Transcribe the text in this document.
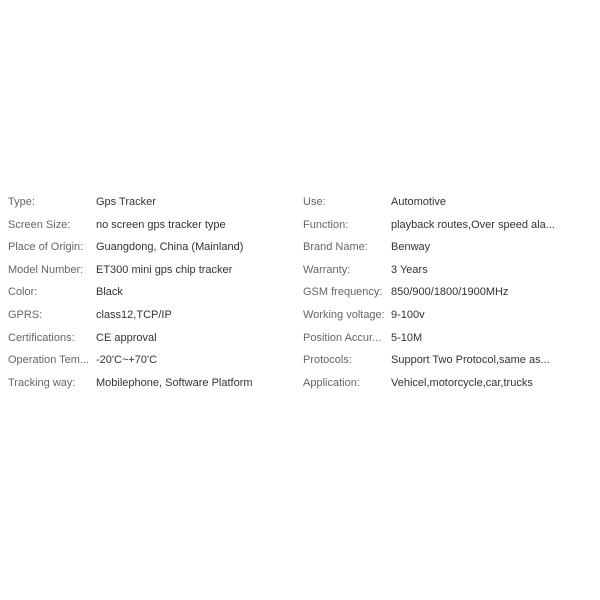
Type:	Gps Tracker	Use:	Automotive
Screen Size:	no screen gps tracker type	Function:	playback routes,Over speed ala...
Place of Origin:	Guangdong, China (Mainland)	Brand Name:	Benway
Model Number:	ET300 mini gps chip tracker	Warranty:	3 Years
Color:	Black	GSM frequency: 850/900/1800/1900MHz
GPRS:	class12,TCP/IP	Working voltage: 9-100v
Certifications:	CE approval	Position Accur... 5-10M
Operation Tem... -20'C~+70'C	Protocols:	Support Two Protocol,same as...
Tracking way:	Mobilephone, Software Platform	Application:	Vehicel,motorcycle,car,trucks
